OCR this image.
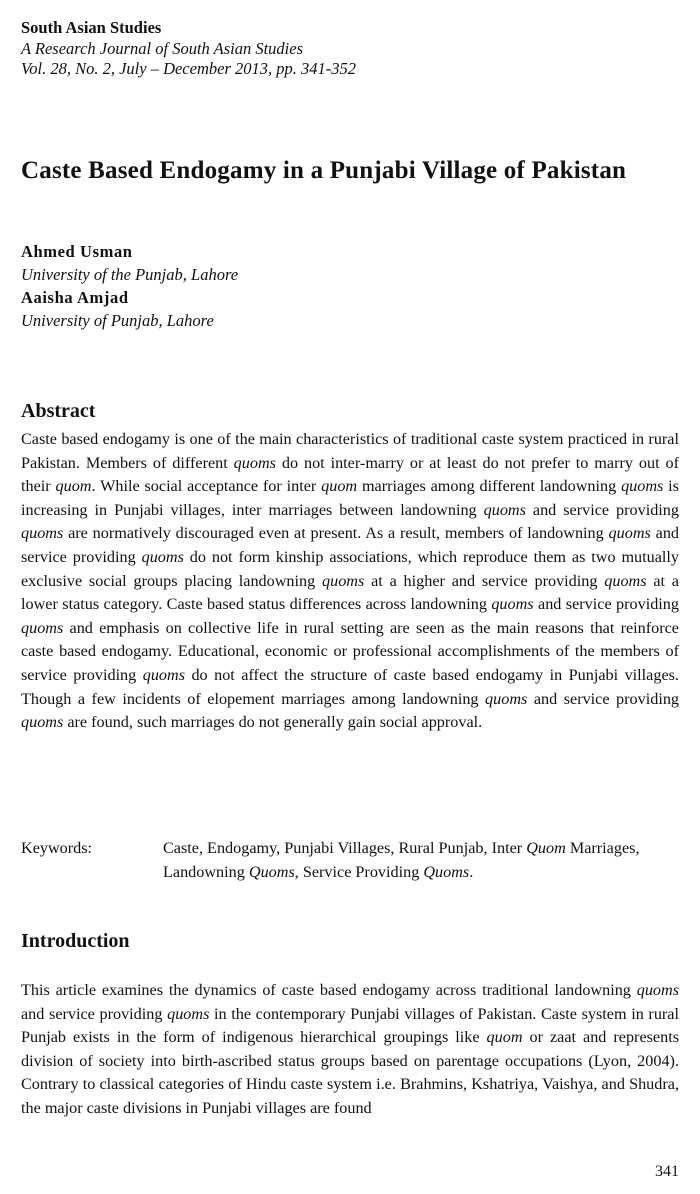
South Asian Studies
A Research Journal of South Asian Studies
Vol. 28, No. 2, July – December 2013, pp. 341-352
Caste Based Endogamy in a Punjabi Village of Pakistan
Ahmed Usman
University of the Punjab, Lahore
Aaisha Amjad
University of Punjab, Lahore
Abstract
Caste based endogamy is one of the main characteristics of traditional caste system practiced in rural Pakistan. Members of different quoms do not inter-marry or at least do not prefer to marry out of their quom. While social acceptance for inter quom marriages among different landowning quoms is increasing in Punjabi villages, inter marriages between landowning quoms and service providing quoms are normatively discouraged even at present. As a result, members of landowning quoms and service providing quoms do not form kinship associations, which reproduce them as two mutually exclusive social groups placing landowning quoms at a higher and service providing quoms at a lower status category. Caste based status differences across landowning quoms and service providing quoms and emphasis on collective life in rural setting are seen as the main reasons that reinforce caste based endogamy. Educational, economic or professional accomplishments of the members of service providing quoms do not affect the structure of caste based endogamy in Punjabi villages. Though a few incidents of elopement marriages among landowning quoms and service providing quoms are found, such marriages do not generally gain social approval.
Keywords:	Caste, Endogamy, Punjabi Villages, Rural Punjab, Inter Quom Marriages, Landowning Quoms, Service Providing Quoms.
Introduction
This article examines the dynamics of caste based endogamy across traditional landowning quoms and service providing quoms in the contemporary Punjabi villages of Pakistan. Caste system in rural Punjab exists in the form of indigenous hierarchical groupings like quom or zaat and represents division of society into birth-ascribed status groups based on parentage occupations (Lyon, 2004). Contrary to classical categories of Hindu caste system i.e. Brahmins, Kshatriya, Vaishya, and Shudra, the major caste divisions in Punjabi villages are found
341
